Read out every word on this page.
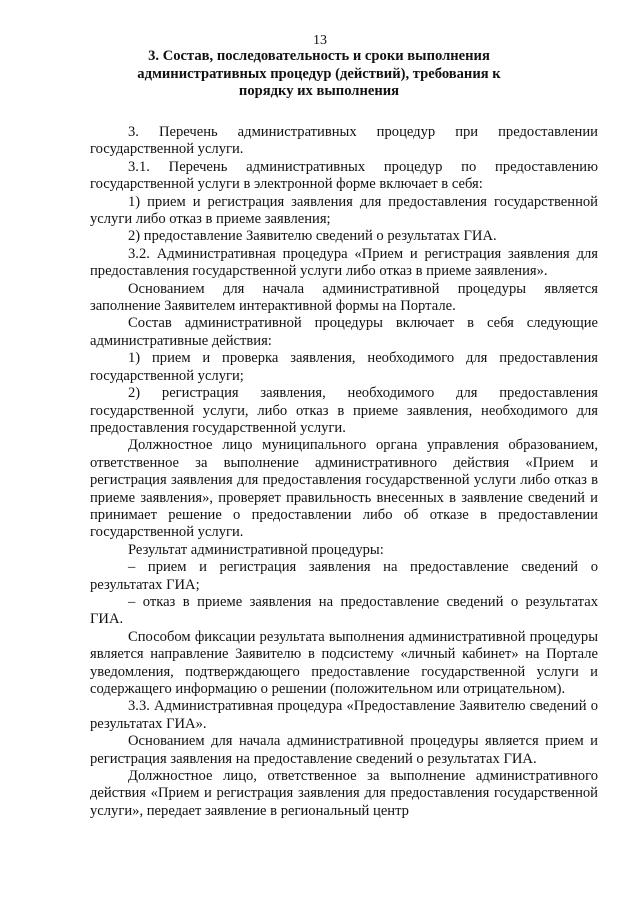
13
3. Состав, последовательность и сроки выполнения административных процедур (действий), требования к порядку их выполнения

3. Перечень административных процедур при предоставлении государственной услуги.

3.1. Перечень административных процедур по предоставлению государственной услуги в электронной форме включает в себя:

1) прием и регистрация заявления для предоставления государственной услуги либо отказ в приеме заявления;

2) предоставление Заявителю сведений о результатах ГИА.

3.2. Административная процедура «Прием и регистрация заявления для предоставления государственной услуги либо отказ в приеме заявления».

Основанием для начала административной процедуры является заполнение Заявителем интерактивной формы на Портале.

Состав административной процедуры включает в себя следующие административные действия:

1) прием и проверка заявления, необходимого для предоставления государственной услуги;

2) регистрация заявления, необходимого для предоставления государственной услуги, либо отказ в приеме заявления, необходимого для предоставления государственной услуги.

Должностное лицо муниципального органа управления образованием, ответственное за выполнение административного действия «Прием и регистрация заявления для предоставления государственной услуги либо отказ в приеме заявления», проверяет правильность внесенных в заявление сведений и принимает решение о предоставлении либо об отказе в предоставлении государственной услуги.

Результат административной процедуры:

– прием и регистрация заявления на предоставление сведений о результатах ГИА;

– отказ в приеме заявления на предоставление сведений о результатах ГИА.

Способом фиксации результата выполнения административной процедуры является направление Заявителю в подсистему «личный кабинет» на Портале уведомления, подтверждающего предоставление государственной услуги и содержащего информацию о решении (положительном или отрицательном).

3.3. Административная процедура «Предоставление Заявителю сведений о результатах ГИА».

Основанием для начала административной процедуры является прием и регистрация заявления на предоставление сведений о результатах ГИА.

Должностное лицо, ответственное за выполнение административного действия «Прием и регистрация заявления для предоставления государственной услуги», передает заявление в региональный центр
